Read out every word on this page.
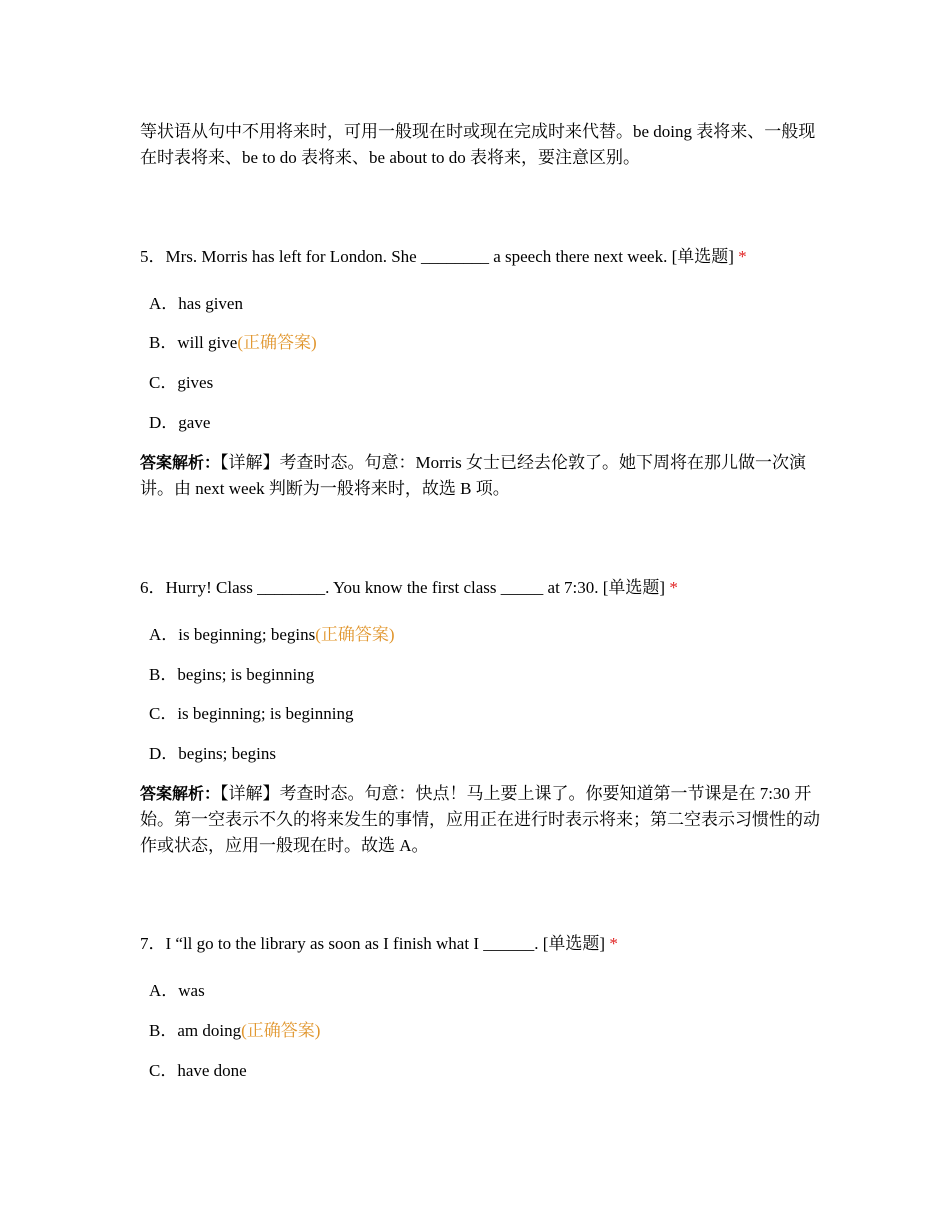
等状语从句中不用将来时，可用一般现在时或现在完成时来代替。be doing 表将来、一般现在时表将来、be to do 表将来、be about to do 表将来，要注意区别。
5．Mrs. Morris has left for London. She ________ a speech there next week. [单选题] *
A．has given
B．will give(正确答案)
C．gives
D．gave
答案解析：【详解】考查时态。句意：Morris 女士已经去伦敦了。她下周将在那儿做一次演讲。由 next week 判断为一般将来时，故选 B 项。
6．Hurry! Class ________. You know the first class _____ at 7:30. [单选题] *
A．is beginning; begins(正确答案)
B．begins; is beginning
C．is beginning; is beginning
D．begins; begins
答案解析：【详解】考查时态。句意：快点！马上要上课了。你要知道第一节课是在 7:30 开始。第一空表示不久的将来发生的事情，应用正在进行时表示将来；第二空表示习惯性的动作或状态，应用一般现在时。故选 A。
7．I “ll go to the library as soon as I finish what I ______. [单选题] *
A．was
B．am doing(正确答案)
C．have done
